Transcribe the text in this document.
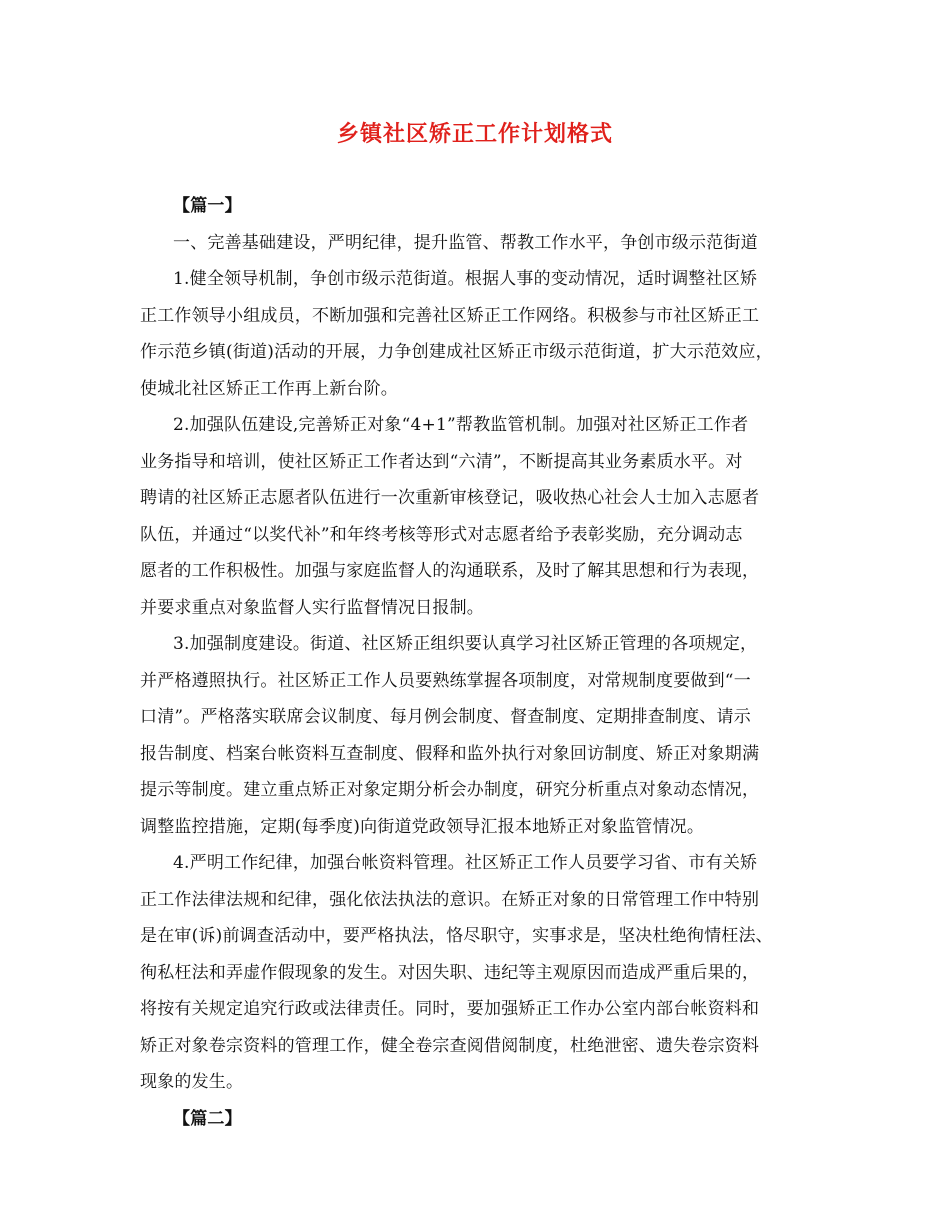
乡镇社区矫正工作计划格式
【篇一】
一、完善基础建设，严明纪律，提升监管、帮教工作水平，争创市级示范街道
1.健全领导机制，争创市级示范街道。根据人事的变动情况，适时调整社区矫
正工作领导小组成员，不断加强和完善社区矫正工作网络。积极参与市社区矫正工
作示范乡镇(街道)活动的开展，力争创建成社区矫正市级示范街道，扩大示范效应，
使城北社区矫正工作再上新台阶。
2.加强队伍建设,完善矫正对象“4+1”帮教监管机制。加强对社区矫正工作者
业务指导和培训，使社区矫正工作者达到“六清”，不断提高其业务素质水平。对
聘请的社区矫正志愿者队伍进行一次重新审核登记，吸收热心社会人士加入志愿者
队伍，并通过“以奖代补”和年终考核等形式对志愿者给予表彰奖励，充分调动志
愿者的工作积极性。加强与家庭监督人的沟通联系，及时了解其思想和行为表现，
并要求重点对象监督人实行监督情况日报制。
3.加强制度建设。街道、社区矫正组织要认真学习社区矫正管理的各项规定，
并严格遵照执行。社区矫正工作人员要熟练掌握各项制度，对常规制度要做到“一
口清”。严格落实联席会议制度、每月例会制度、督查制度、定期排查制度、请示
报告制度、档案台帐资料互查制度、假释和监外执行对象回访制度、矫正对象期满
提示等制度。建立重点矫正对象定期分析会办制度，研究分析重点对象动态情况，
调整监控措施，定期(每季度)向街道党政领导汇报本地矫正对象监管情况。
4.严明工作纪律，加强台帐资料管理。社区矫正工作人员要学习省、市有关矫
正工作法律法规和纪律，强化依法执法的意识。在矫正对象的日常管理工作中特别
是在审(诉)前调查活动中，要严格执法，恪尽职守，实事求是，坚决杜绝徇情枉法、
徇私枉法和弄虚作假现象的发生。对因失职、违纪等主观原因而造成严重后果的，
将按有关规定追究行政或法律责任。同时，要加强矫正工作办公室内部台帐资料和
矫正对象卷宗资料的管理工作，健全卷宗查阅借阅制度，杜绝泄密、遗失卷宗资料
现象的发生。
【篇二】
